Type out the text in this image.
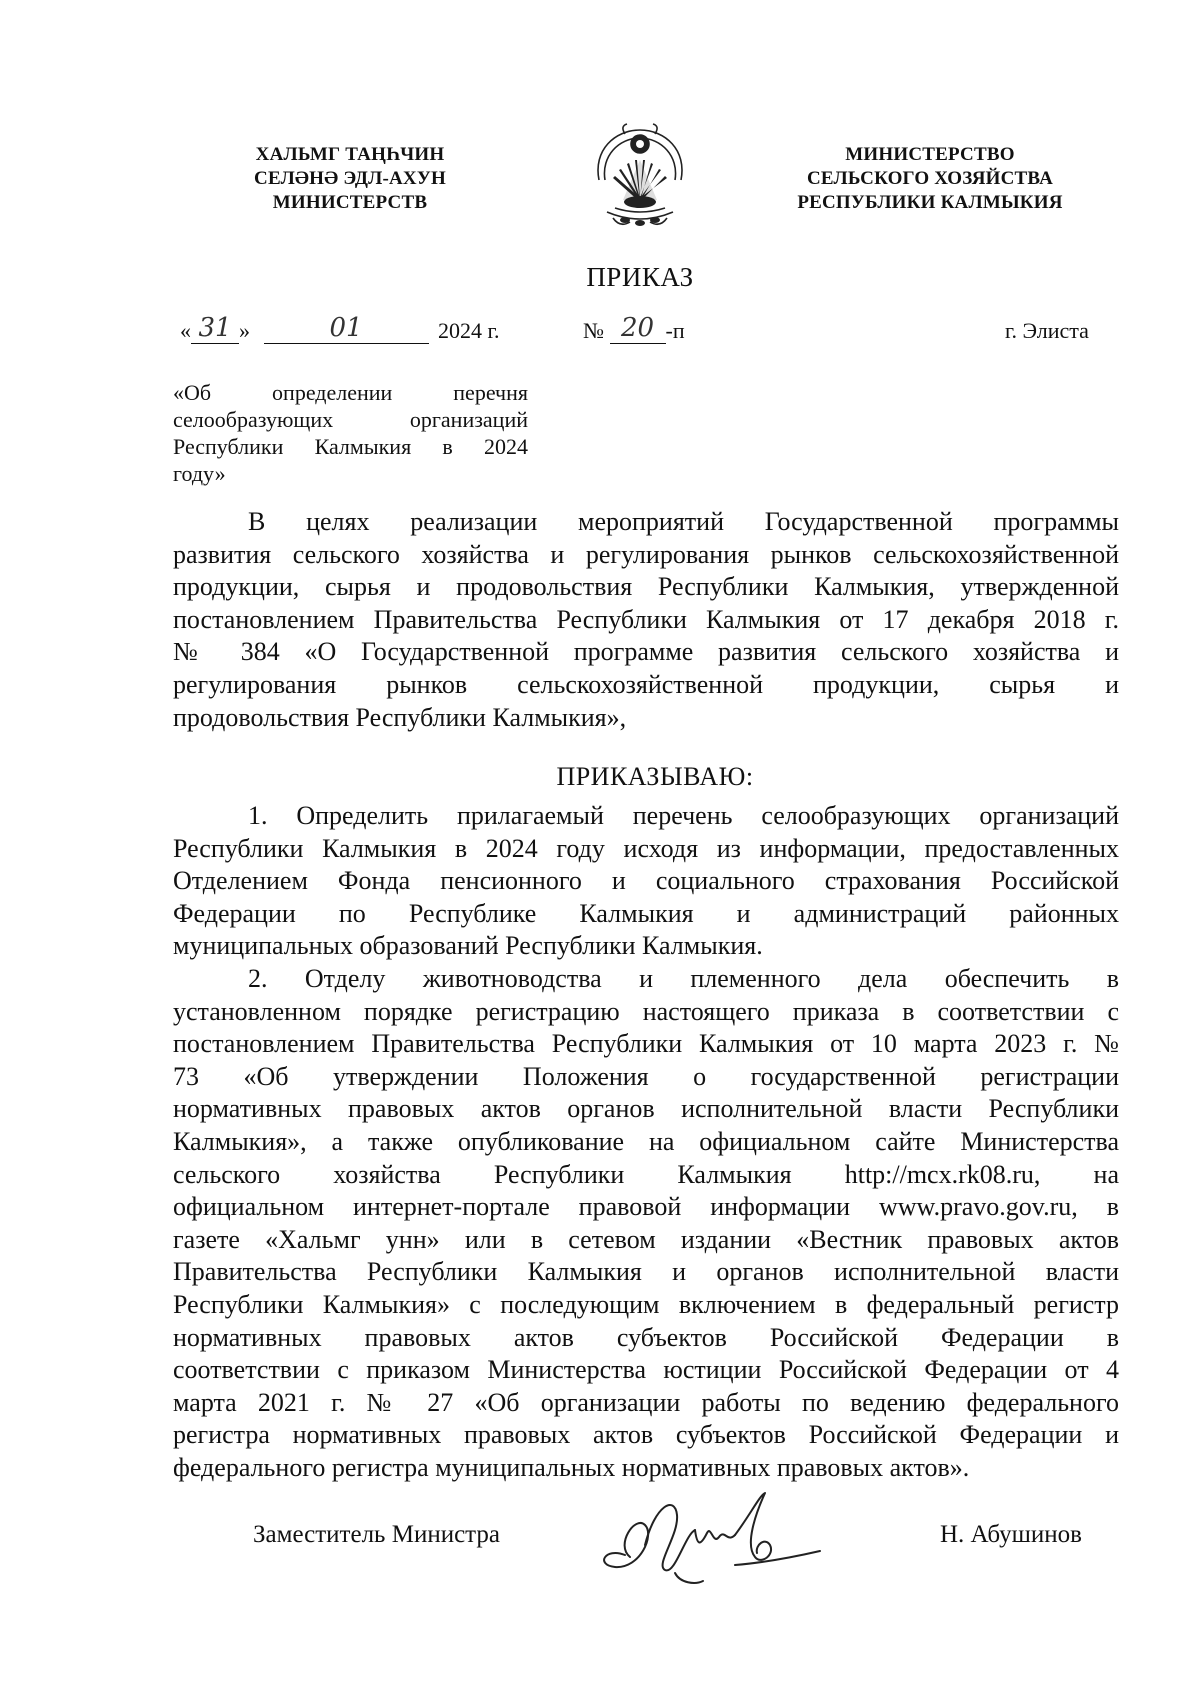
ХАЛЬМГ ТАҢҺЧИН
СЕЛӘНӘ ЭДЛ-АХУН
МИНИСТЕРСТВ
МИНИСТЕРСТВО
СЕЛЬСКОГО ХОЗЯЙСТВА
РЕСПУБЛИКИ КАЛМЫКИЯ
ПРИКАЗ
« 31 »	01	2024 г.	№ 20 -п	г. Элиста
«Об определении перечня
селообразующих организаций
Республики Калмыкия в 2024
году»
В целях реализации мероприятий Государственной программы
развития сельского хозяйства и регулирования рынков сельскохозяйственной
продукции, сырья и продовольствия Республики Калмыкия, утвержденной
постановлением Правительства Республики Калмыкия от 17 декабря 2018 г.
№ 384 «О Государственной программе развития сельского хозяйства и
регулирования рынков сельскохозяйственной продукции, сырья и
продовольствия Республики Калмыкия»,
ПРИКАЗЫВАЮ:
1. Определить прилагаемый перечень селообразующих организаций
Республики Калмыкия в 2024 году исходя из информации, предоставленных
Отделением Фонда пенсионного и социального страхования Российской
Федерации по Республике Калмыкия и администраций районных
муниципальных образований Республики Калмыкия.
2. Отделу животноводства и племенного дела обеспечить в
установленном порядке регистрацию настоящего приказа в соответствии с
постановлением Правительства Республики Калмыкия от 10 марта 2023 г. №
73 «Об утверждении Положения о государственной регистрации
нормативных правовых актов органов исполнительной власти Республики
Калмыкия», а также опубликование на официальном сайте Министерства
сельского хозяйства Республики Калмыкия http://mcx.rk08.ru, на
официальном интернет-портале правовой информации www.pravo.gov.ru, в
газете «Хальмг унн» или в сетевом издании «Вестник правовых актов
Правительства Республики Калмыкия и органов исполнительной власти
Республики Калмыкия» с последующим включением в федеральный регистр
нормативных правовых актов субъектов Российской Федерации в
соответствии с приказом Министерства юстиции Российской Федерации от 4
марта 2021 г. № 27 «Об организации работы по ведению федерального
регистра нормативных правовых актов субъектов Российской Федерации и
федерального регистра муниципальных нормативных правовых актов».
Заместитель Министра	Н. Абушинов
